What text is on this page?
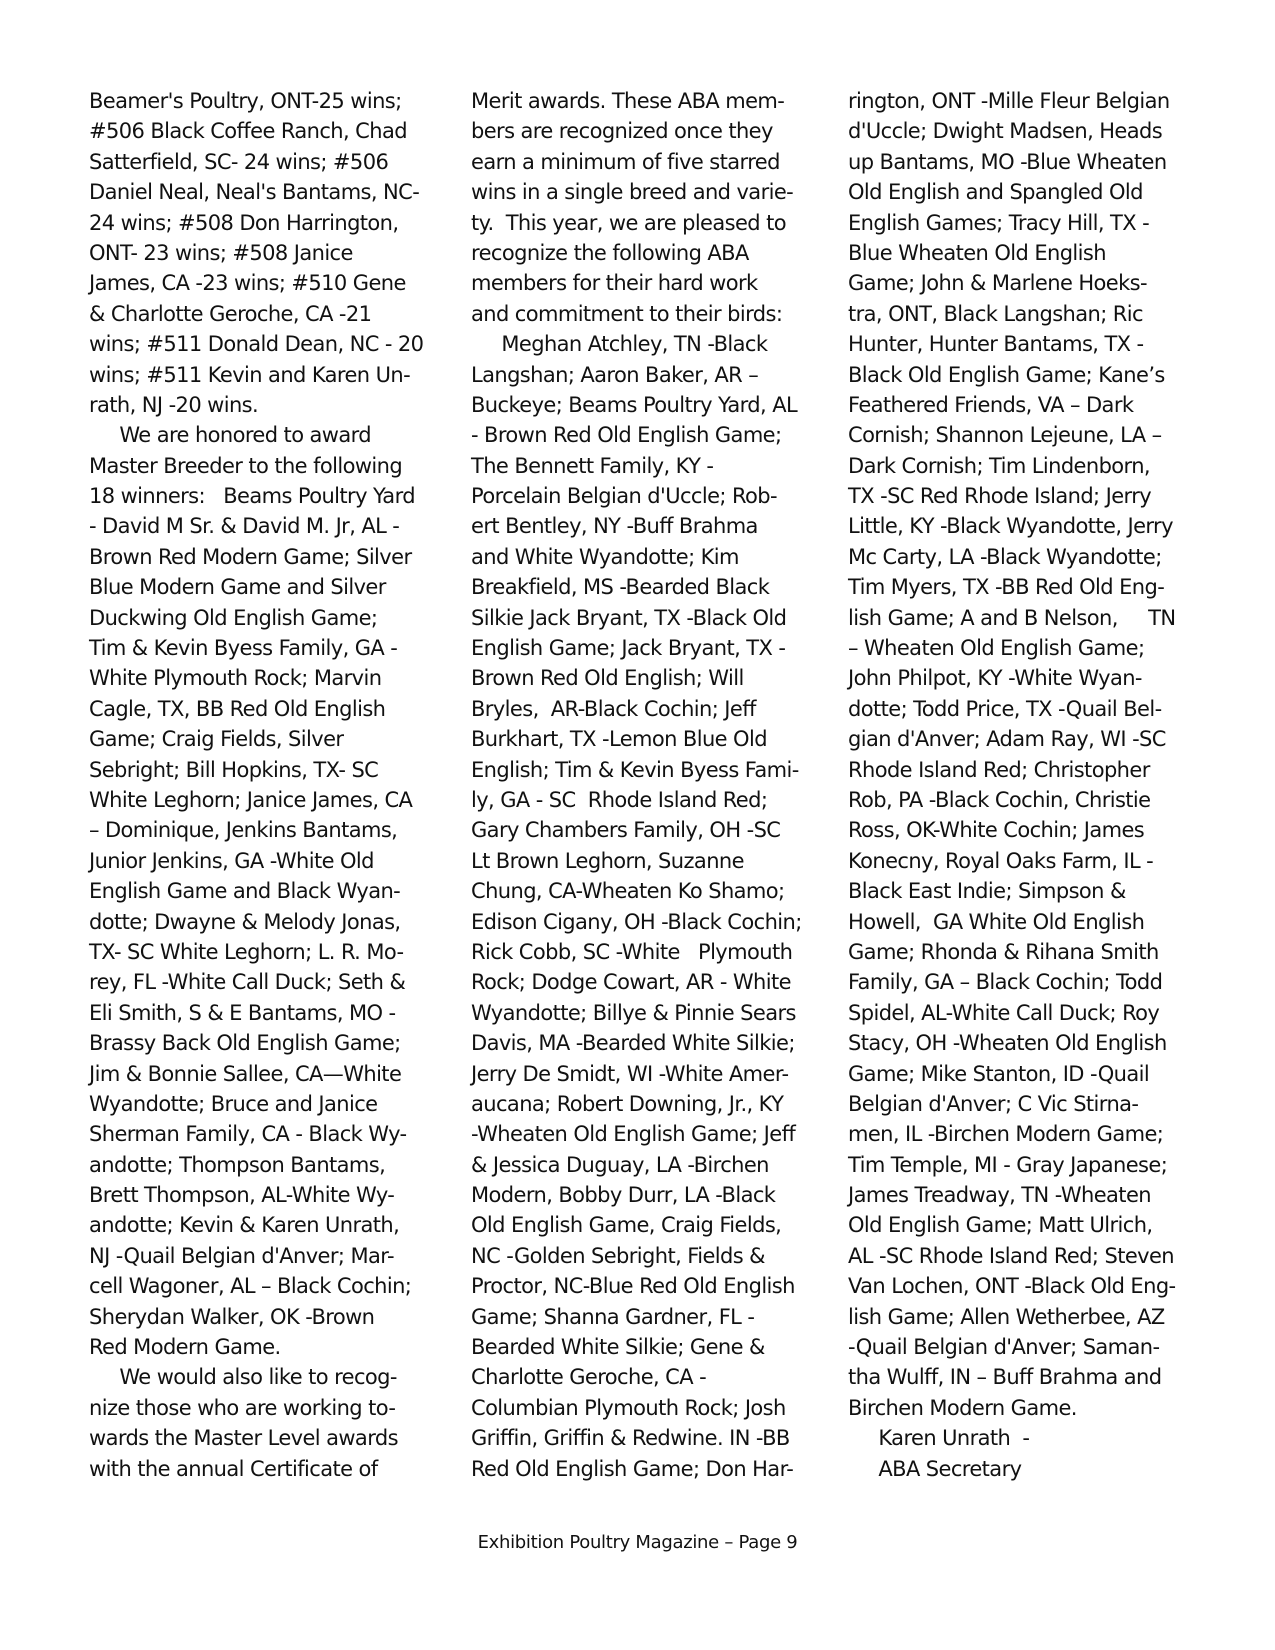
Beamer's Poultry, ONT-25 wins;
#506 Black Coffee Ranch, Chad
Satterfield, SC- 24 wins; #506
Daniel Neal, Neal's Bantams, NC-
24 wins; #508 Don Harrington,
ONT- 23 wins; #508 Janice
James, CA -23 wins; #510 Gene
& Charlotte Geroche, CA -21
wins; #511 Donald Dean, NC - 20
wins; #511 Kevin and Karen Un-
rath, NJ -20 wins.
We are honored to award
Master Breeder to the following
18 winners:   Beams Poultry Yard
- David M Sr. & David M. Jr, AL -
Brown Red Modern Game; Silver
Blue Modern Game and Silver
Duckwing Old English Game;
Tim & Kevin Byess Family, GA -
White Plymouth Rock; Marvin
Cagle, TX, BB Red Old English
Game; Craig Fields, Silver
Sebright; Bill Hopkins, TX- SC
White Leghorn; Janice James, CA
– Dominique, Jenkins Bantams,
Junior Jenkins, GA -White Old
English Game and Black Wyan-
dotte; Dwayne & Melody Jonas,
TX- SC White Leghorn; L. R. Mo-
rey, FL -White Call Duck; Seth &
Eli Smith, S & E Bantams, MO -
Brassy Back Old English Game;
Jim & Bonnie Sallee, CA—White
Wyandotte; Bruce and Janice
Sherman Family, CA - Black Wy-
andotte; Thompson Bantams,
Brett Thompson, AL-White Wy-
andotte; Kevin & Karen Unrath,
NJ -Quail Belgian d'Anver; Mar-
cell Wagoner, AL – Black Cochin;
Sherydan Walker, OK -Brown
Red Modern Game.
We would also like to recog-
nize those who are working to-
wards the Master Level awards
with the annual Certificate of
Merit awards. These ABA mem-
bers are recognized once they
earn a minimum of five starred
wins in a single breed and varie-
ty.  This year, we are pleased to
recognize the following ABA
members for their hard work
and commitment to their birds:
Meghan Atchley, TN -Black
Langshan; Aaron Baker, AR –
Buckeye; Beams Poultry Yard, AL
- Brown Red Old English Game;
The Bennett Family, KY -
Porcelain Belgian d'Uccle; Rob-
ert Bentley, NY -Buff Brahma
and White Wyandotte; Kim
Breakfield, MS -Bearded Black
Silkie Jack Bryant, TX -Black Old
English Game; Jack Bryant, TX -
Brown Red Old English; Will
Bryles,  AR-Black Cochin; Jeff
Burkhart, TX -Lemon Blue Old
English; Tim & Kevin Byess Fami-
ly, GA - SC  Rhode Island Red;
Gary Chambers Family, OH -SC
Lt Brown Leghorn, Suzanne
Chung, CA-Wheaten Ko Shamo;
Edison Cigany, OH -Black Cochin;
Rick Cobb, SC -White   Plymouth
Rock; Dodge Cowart, AR - White
Wyandotte; Billye & Pinnie Sears
Davis, MA -Bearded White Silkie;
Jerry De Smidt, WI -White Amer-
aucana; Robert Downing, Jr., KY
-Wheaten Old English Game; Jeff
& Jessica Duguay, LA -Birchen
Modern, Bobby Durr, LA -Black
Old English Game, Craig Fields,
NC -Golden Sebright, Fields &
Proctor, NC-Blue Red Old English
Game; Shanna Gardner, FL -
Bearded White Silkie; Gene &
Charlotte Geroche, CA -
Columbian Plymouth Rock; Josh
Griffin, Griffin & Redwine. IN -BB
Red Old English Game; Don Har-
rington, ONT -Mille Fleur Belgian
d'Uccle; Dwight Madsen, Heads
up Bantams, MO -Blue Wheaten
Old English and Spangled Old
English Games; Tracy Hill, TX -
Blue Wheaten Old English
Game; John & Marlene Hoeks-
tra, ONT, Black Langshan; Ric
Hunter, Hunter Bantams, TX -
Black Old English Game; Kane’s
Feathered Friends, VA – Dark
Cornish; Shannon Lejeune, LA –
Dark Cornish; Tim Lindenborn,
TX -SC Red Rhode Island; Jerry
Little, KY -Black Wyandotte, Jerry
Mc Carty, LA -Black Wyandotte;
Tim Myers, TX -BB Red Old Eng-
lish Game; A and B Nelson,     TN
– Wheaten Old English Game;
John Philpot, KY -White Wyan-
dotte; Todd Price, TX -Quail Bel-
gian d'Anver; Adam Ray, WI -SC
Rhode Island Red; Christopher
Rob, PA -Black Cochin, Christie
Ross, OK-White Cochin; James
Konecny, Royal Oaks Farm, IL -
Black East Indie; Simpson &
Howell,  GA White Old English
Game; Rhonda & Rihana Smith
Family, GA – Black Cochin; Todd
Spidel, AL-White Call Duck; Roy
Stacy, OH -Wheaten Old English
Game; Mike Stanton, ID -Quail
Belgian d'Anver; C Vic Stirna-
men, IL -Birchen Modern Game;
Tim Temple, MI - Gray Japanese;
James Treadway, TN -Wheaten
Old English Game; Matt Ulrich,
AL -SC Rhode Island Red; Steven
Van Lochen, ONT -Black Old Eng-
lish Game; Allen Wetherbee, AZ
-Quail Belgian d'Anver; Saman-
tha Wulff, IN – Buff Brahma and
Birchen Modern Game.
Karen Unrath  -
ABA Secretary
Exhibition Poultry Magazine – Page 9
